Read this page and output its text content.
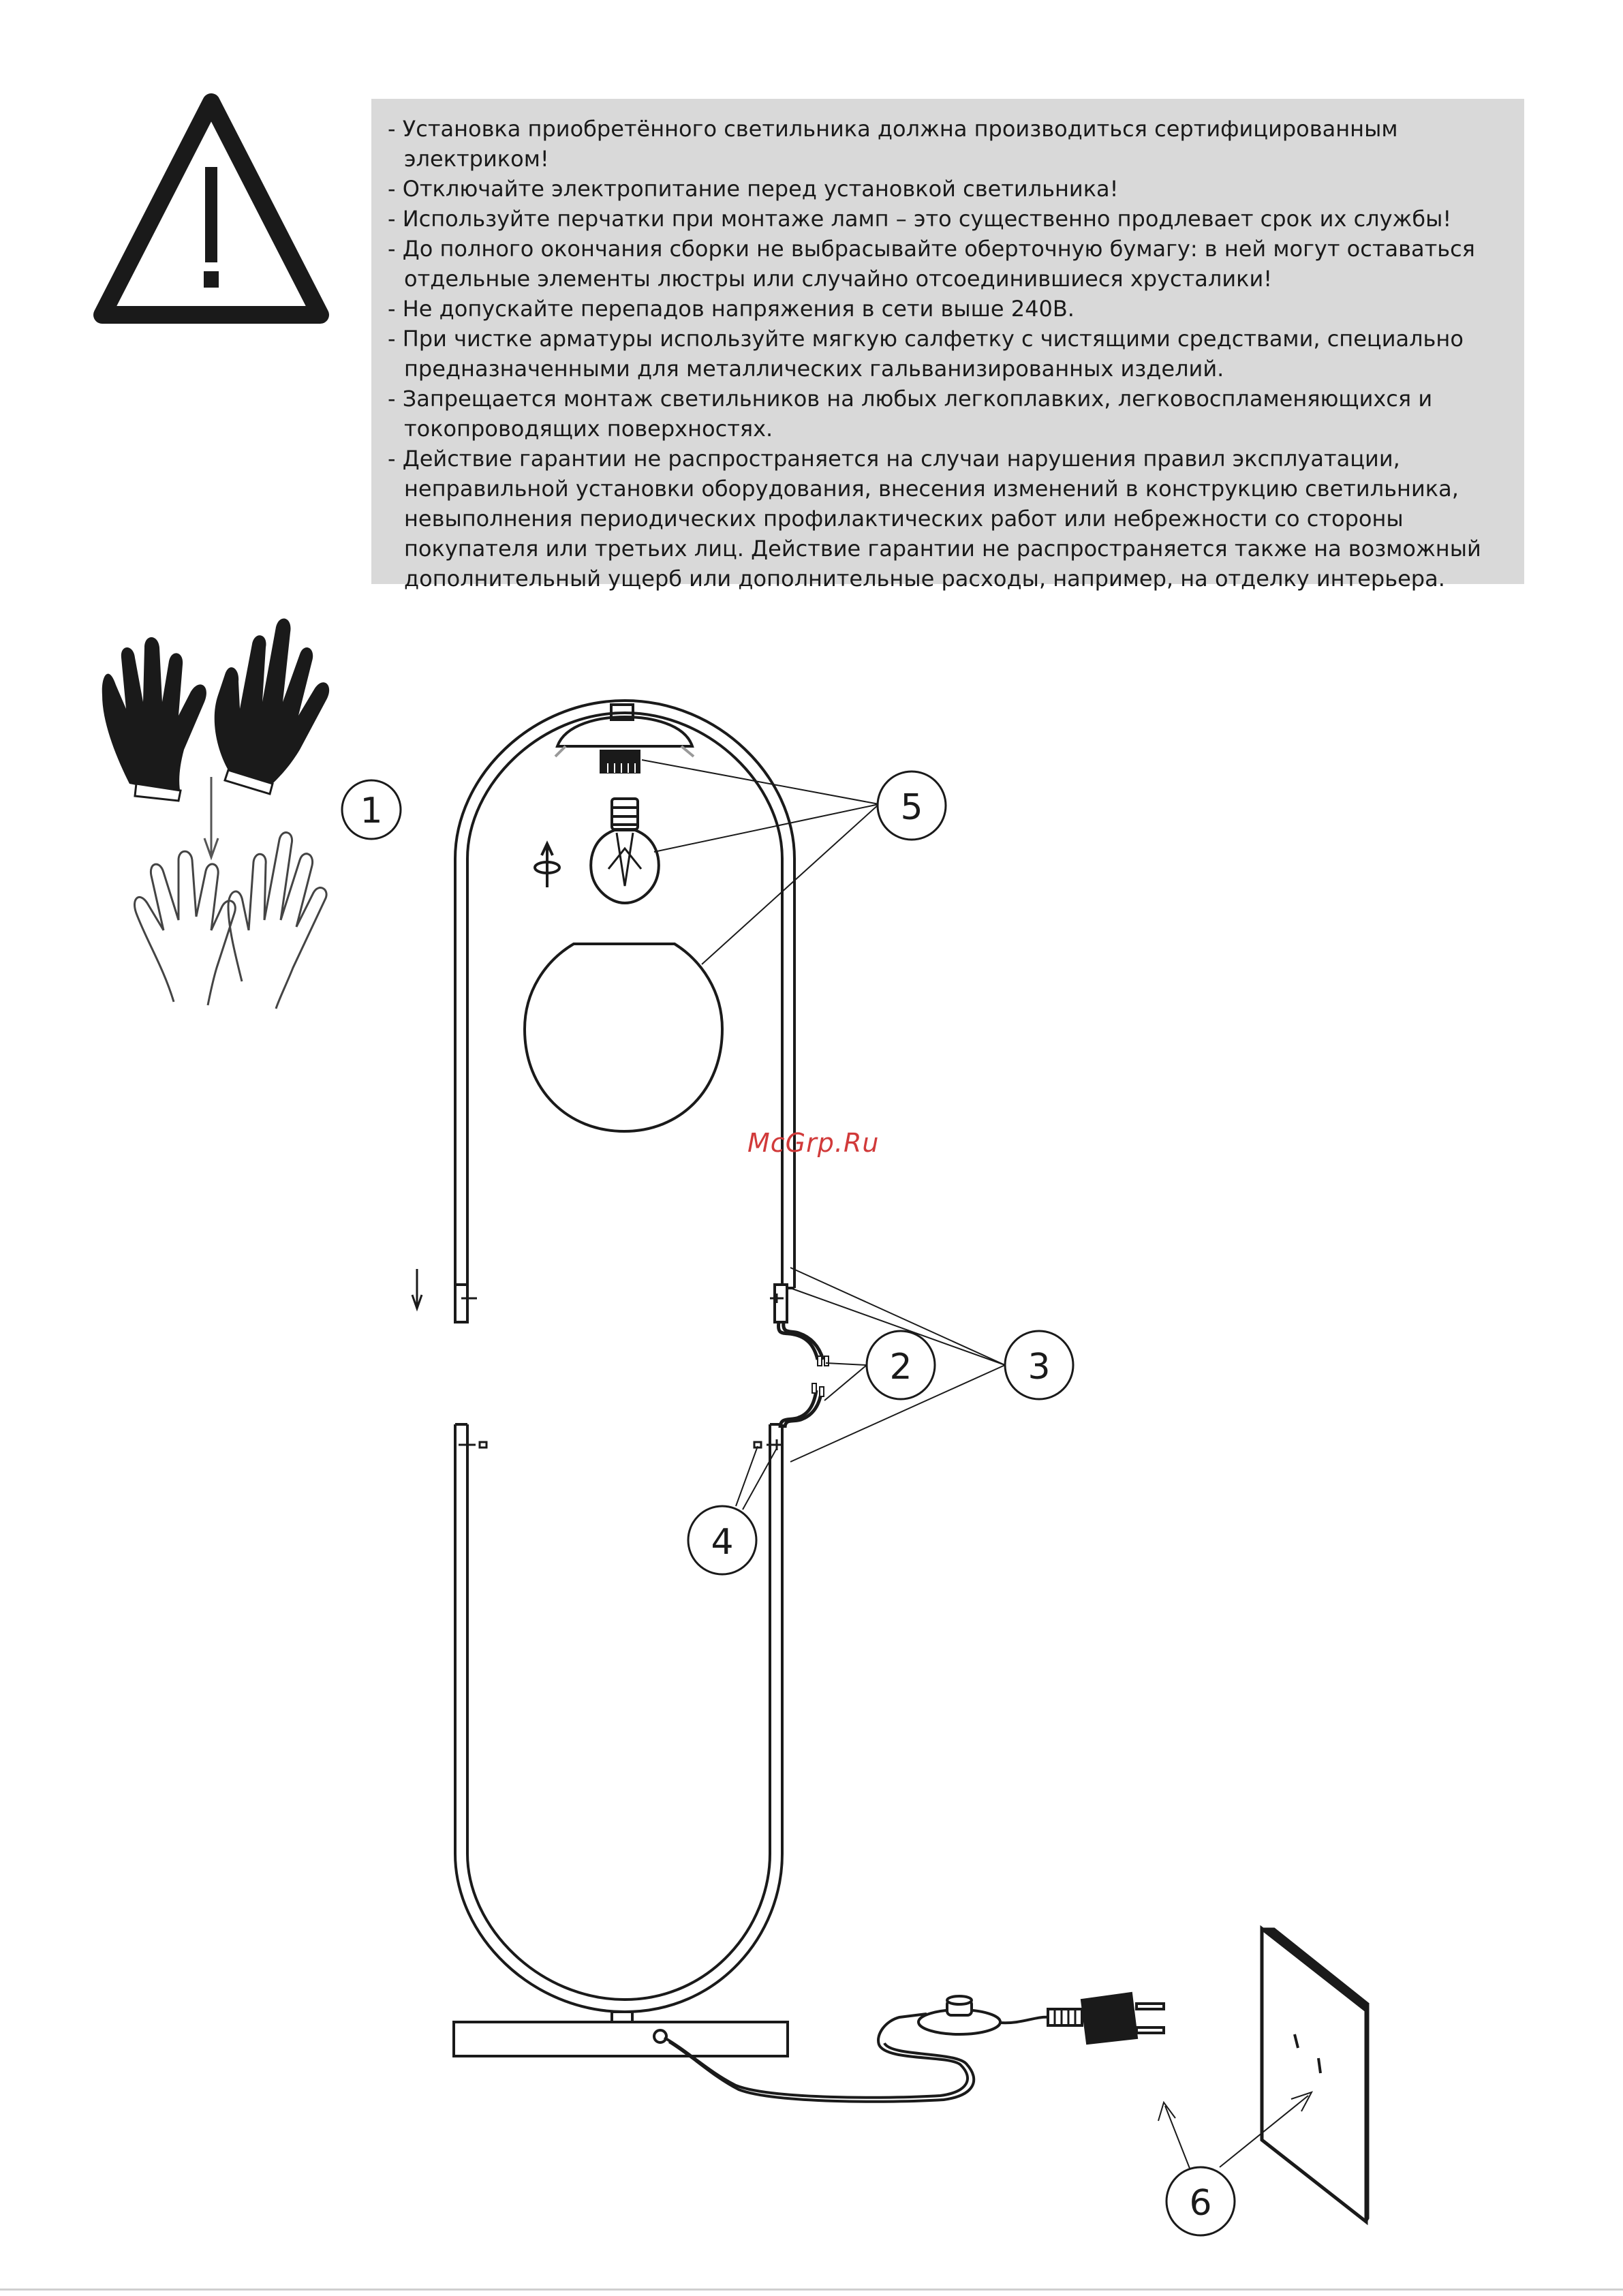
1	5
2	3
4
6
- Установка приобретённого светильника должна производиться сертифицированным электриком!
- Отключайте электропитание перед установкой светильника!
- Используйте перчатки при монтаже ламп – это существенно продлевает срок их службы!
- До полного окончания сборки не выбрасывайте оберточную бумагу: в ней могут оставаться отдельные элементы люстры или случайно отсоединившиеся хрусталики!
- Не допускайте перепадов напряжения в сети выше 240В.
- При чистке арматуры используйте мягкую салфетку с чистящими средствами, специально предназначенными для металлических гальванизированных изделий.
- Запрещается монтаж светильников на любых легкоплавких, легковоспламеняющихся и токопроводящих поверхностях.
- Действие гарантии не распространяется на случаи нарушения правил эксплуатации, неправильной установки оборудования, внесения изменений в конструкцию светильника, невыполнения периодических профилактических работ или небрежности со стороны покупателя или третьих лиц. Действие гарантии не распространяется также на возможный дополнительный ущерб или дополнительные расходы, например, на отделку интерьера.
McGrp.Ru
